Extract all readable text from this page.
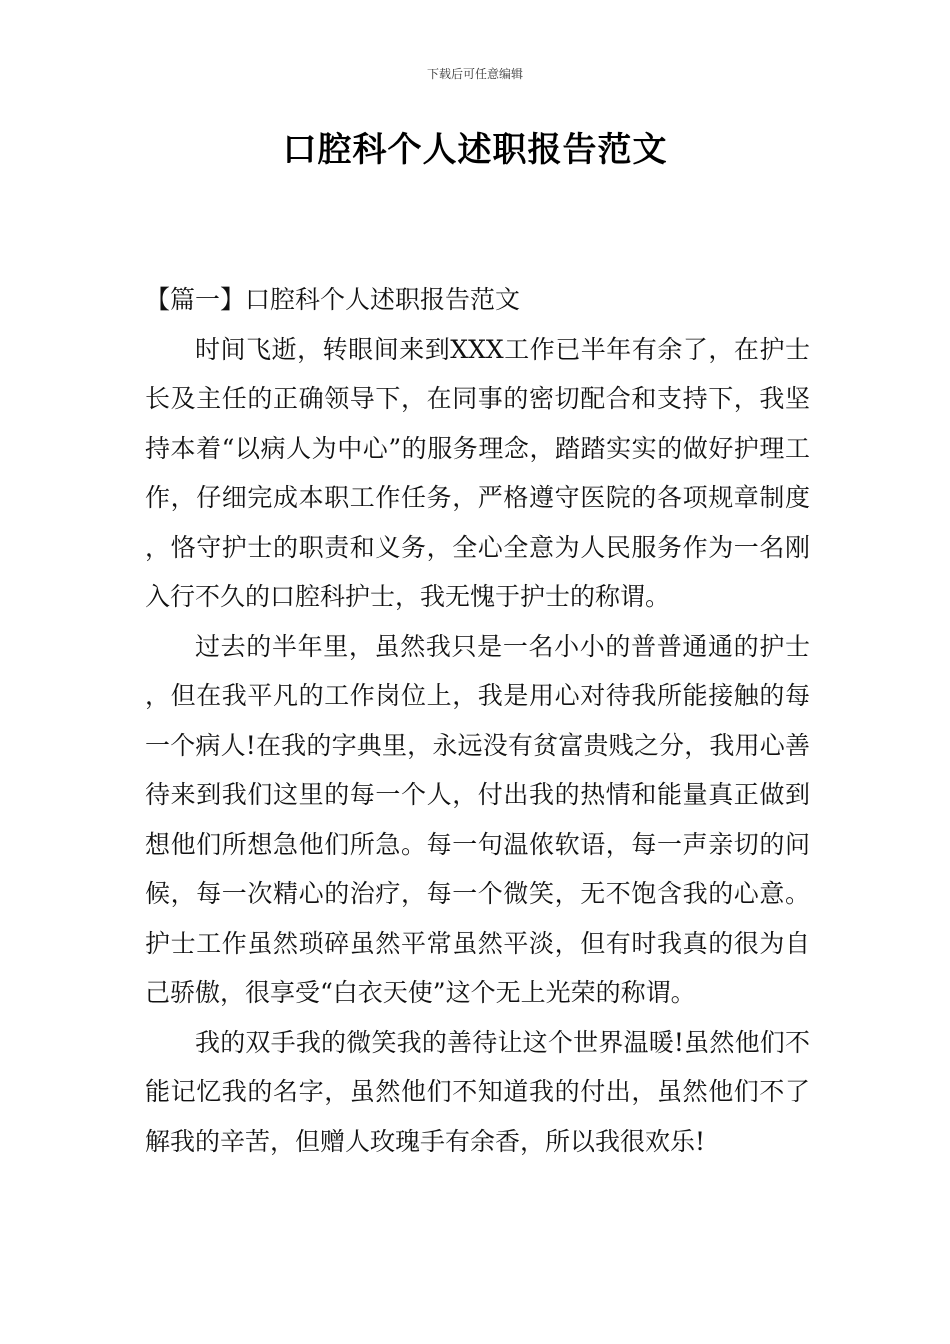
下载后可任意编辑
口腔科个人述职报告范文

【篇一】口腔科个人述职报告范文

时间飞逝，转眼间来到XXX工作已半年有余了，在护士长及主任的正确领导下，在同事的密切配合和支持下，我坚持本着“以病人为中心”的服务理念，踏踏实实的做好护理工作，仔细完成本职工作任务，严格遵守医院的各项规章制度，恪守护士的职责和义务，全心全意为人民服务作为一名刚入行不久的口腔科护士，我无愧于护士的称谓。

过去的半年里，虽然我只是一名小小的普普通通的护士，但在我平凡的工作岗位上，我是用心对待我所能接触的每一个病人!在我的字典里，永远没有贫富贵贱之分，我用心善待来到我们这里的每一个人，付出我的热情和能量真正做到想他们所想急他们所急。每一句温侬软语，每一声亲切的问候，每一次精心的治疗，每一个微笑，无不饱含我的心意。护士工作虽然琐碎虽然平常虽然平淡，但有时我真的很为自己骄傲，很享受“白衣天使”这个无上光荣的称谓。

我的双手我的微笑我的善待让这个世界温暖!虽然他们不能记忆我的名字，虽然他们不知道我的付出，虽然他们不了解我的辛苦，但赠人玫瑰手有余香，所以我很欢乐!
